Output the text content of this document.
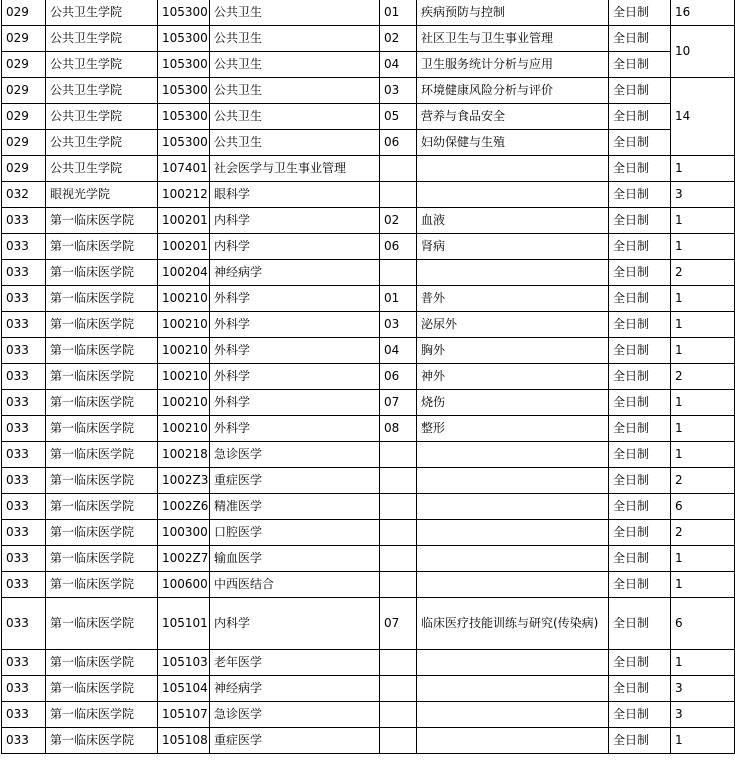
029	公共卫生学院	105300	公共卫生	01	疾病预防与控制	全日制	16
029	公共卫生学院	105300	公共卫生	02	社区卫生与卫生事业管理	全日制	10
029	公共卫生学院	105300	公共卫生	04	卫生服务统计分析与应用	全日制	
029	公共卫生学院	105300	公共卫生	03	环境健康风险分析与评价	全日制	14
029	公共卫生学院	105300	公共卫生	05	营养与食品安全	全日制	
029	公共卫生学院	105300	公共卫生	06	妇幼保健与生殖	全日制	
029	公共卫生学院	107401	社会医学与卫生事业管理			全日制	1
032	眼视光学院	100212	眼科学			全日制	3
033	第一临床医学院	100201	内科学	02	血液	全日制	1
033	第一临床医学院	100201	内科学	06	肾病	全日制	1
033	第一临床医学院	100204	神经病学			全日制	2
033	第一临床医学院	100210	外科学	01	普外	全日制	1
033	第一临床医学院	100210	外科学	03	泌尿外	全日制	1
033	第一临床医学院	100210	外科学	04	胸外	全日制	1
033	第一临床医学院	100210	外科学	06	神外	全日制	2
033	第一临床医学院	100210	外科学	07	烧伤	全日制	1
033	第一临床医学院	100210	外科学	08	整形	全日制	1
033	第一临床医学院	100218	急诊医学			全日制	1
033	第一临床医学院	1002Z3	重症医学			全日制	2
033	第一临床医学院	1002Z6	精准医学			全日制	6
033	第一临床医学院	100300	口腔医学			全日制	2
033	第一临床医学院	1002Z7	输血医学			全日制	1
033	第一临床医学院	100600	中西医结合			全日制	1
033	第一临床医学院	105101	内科学	07	临床医疗技能训练与研究(传染病)	全日制	6
033	第一临床医学院	105103	老年医学			全日制	1
033	第一临床医学院	105104	神经病学			全日制	3
033	第一临床医学院	105107	急诊医学			全日制	3
033	第一临床医学院	105108	重症医学			全日制	1
